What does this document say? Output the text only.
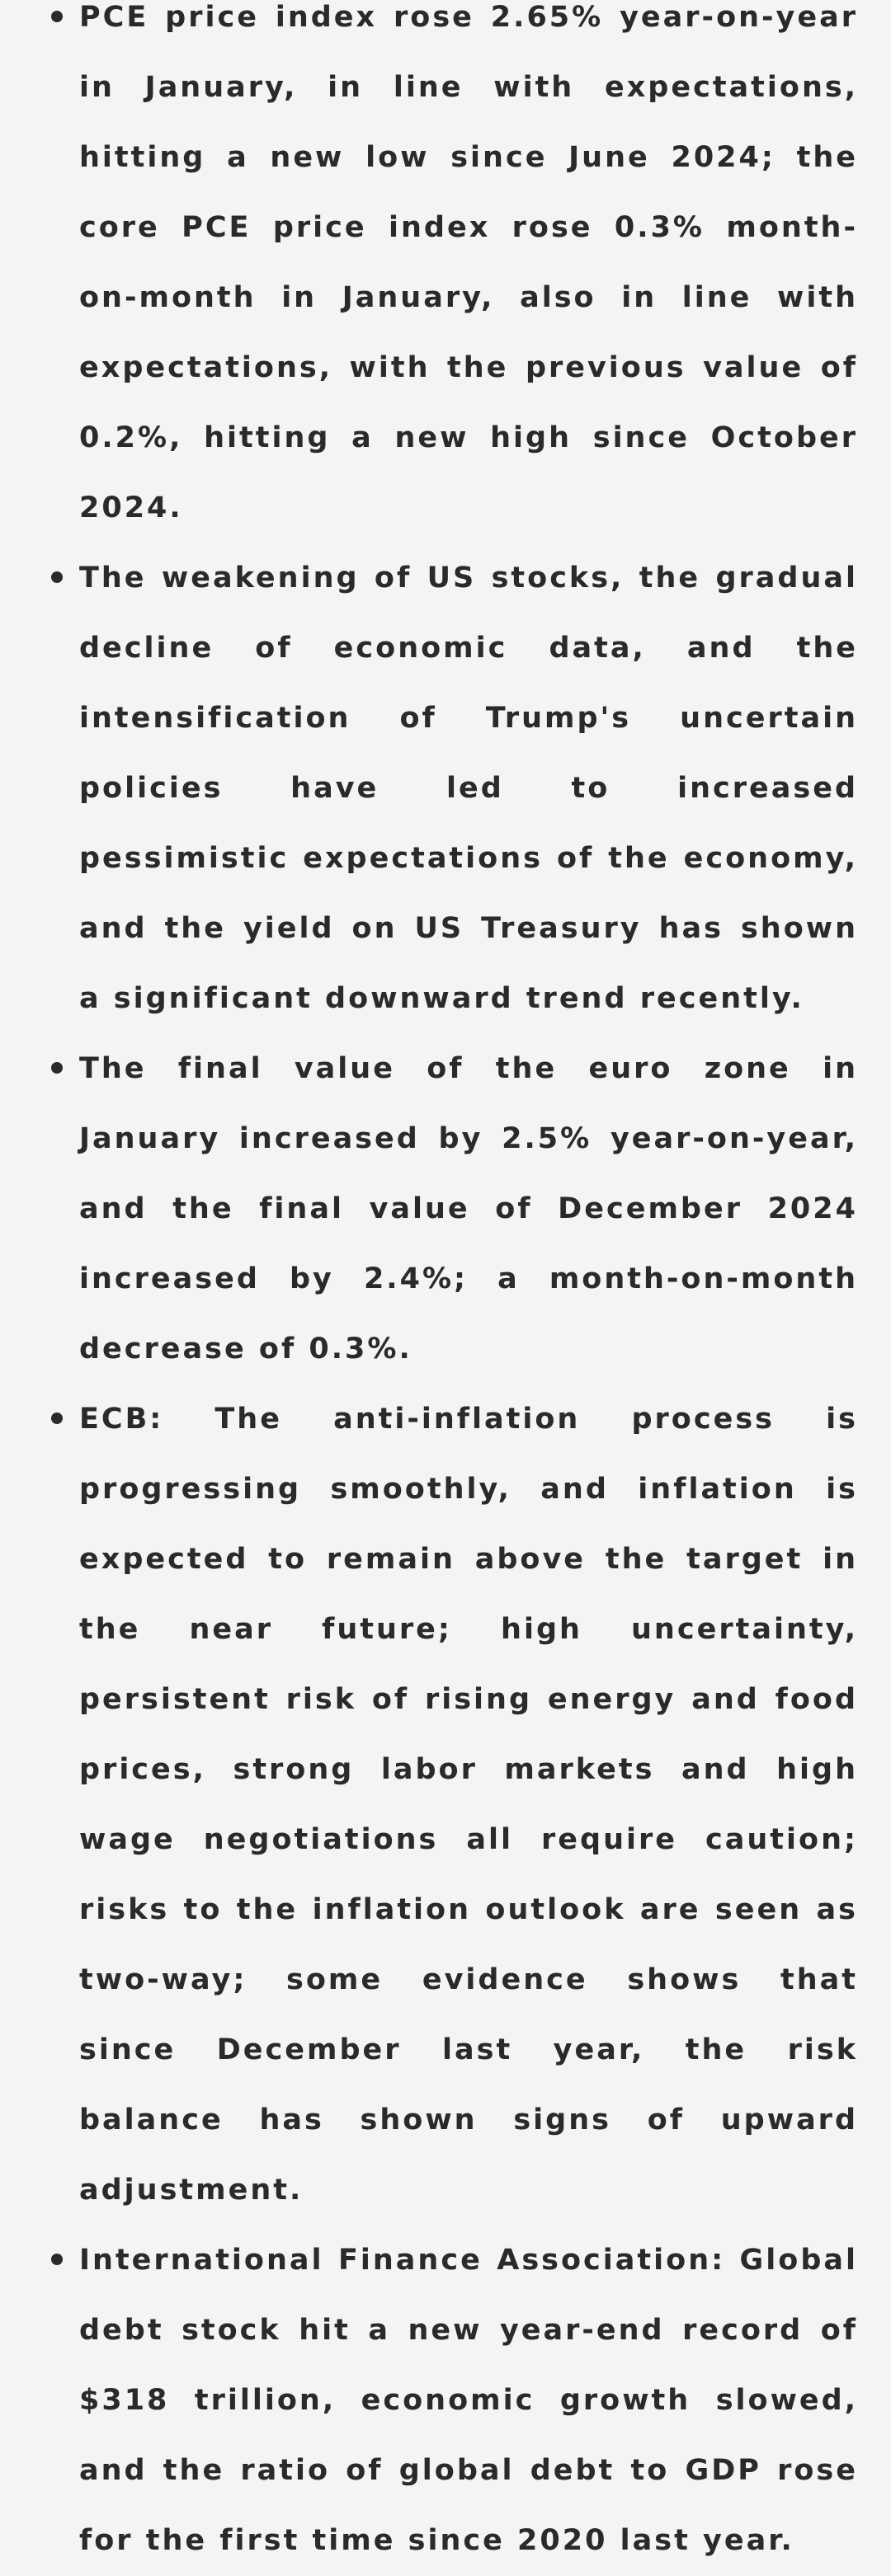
PCE price index rose 2.65% year-on-year in January, in line with expectations, hitting a new low since June 2024; the core PCE price index rose 0.3% month-on-month in January, also in line with expectations, with the previous value of 0.2%, hitting a new high since October 2024.
The weakening of US stocks, the gradual decline of economic data, and the intensification of Trump's uncertain policies have led to increased pessimistic expectations of the economy, and the yield on US Treasury has shown a significant downward trend recently.
The final value of the euro zone in January increased by 2.5% year-on-year, and the final value of December 2024 increased by 2.4%; a month-on-month decrease of 0.3%.
ECB: The anti-inflation process is progressing smoothly, and inflation is expected to remain above the target in the near future; high uncertainty, persistent risk of rising energy and food prices, strong labor markets and high wage negotiations all require caution; risks to the inflation outlook are seen as two-way; some evidence shows that since December last year, the risk balance has shown signs of upward adjustment.
International Finance Association: Global debt stock hit a new year-end record of $318 trillion, economic growth slowed, and the ratio of global debt to GDP rose for the first time since 2020 last year.
